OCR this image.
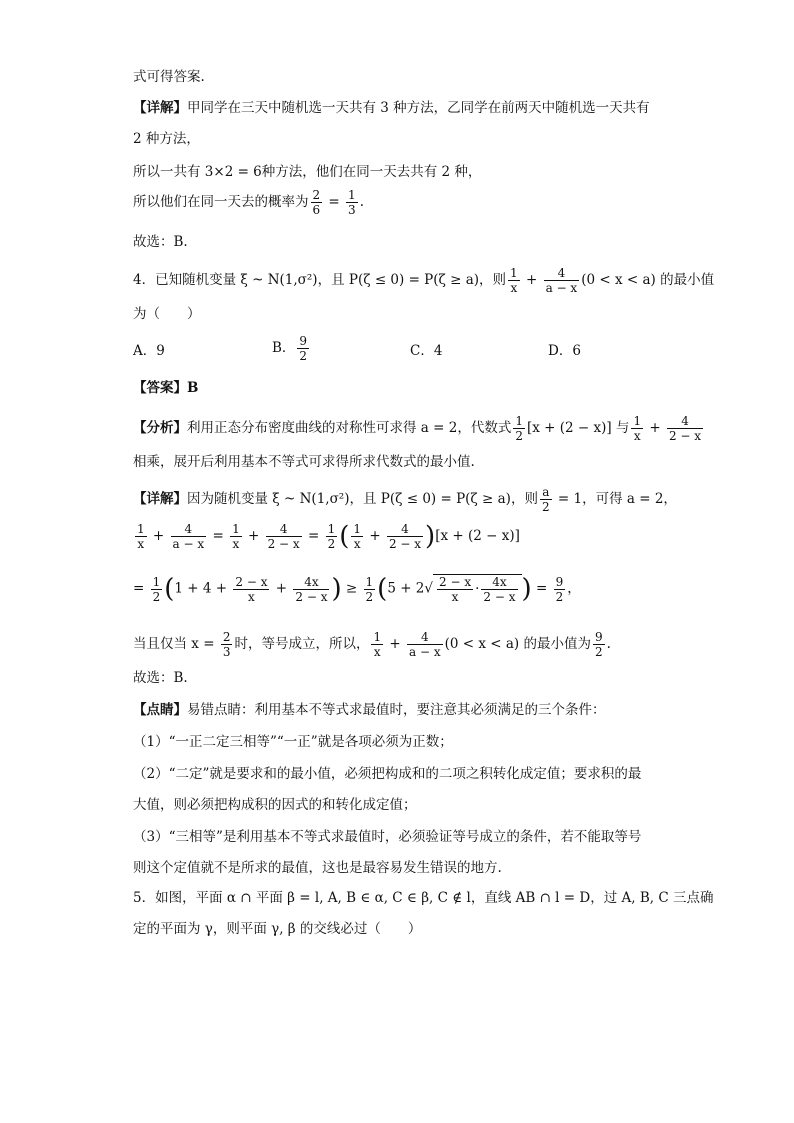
式可得答案.
【详解】甲同学在三天中随机选一天共有 3 种方法，乙同学在前两天中随机选一天共有
2 种方法，
所以一共有 3×2 = 6种方法，他们在同一天去共有 2 种，
所以他们在同一天去的概率为 $\frac{2}{6} = \frac{1}{3}$ .
故选：B.
4．已知随机变量 ξ ~ N(1,σ²)，且 P(ζ ≤ 0) = P(ζ ≥ a)，则 $\frac{1}{x} + \frac{4}{a - x} (0 < x < a)$ 的最小值
为（　　）
A．9	B． $\frac{9}{2}$	C．4	D．6
【答案】B
【分析】利用正态分布密度曲线的对称性可求得 a = 2，代数式 $\frac{1}{2} [x + (2 - x)]$ 与 $\frac{1}{x} + \frac{4}{2 - x}$
相乘，展开后利用基本不等式可求得所求代数式的最小值.
【详解】因为随机变量 ξ ~ N(1,σ²)，且 P(ζ ≤ 0) = P(ζ ≥ a)，则 $\frac{a}{2} = 1$，可得 a = 2，
$\frac{1}{x} + \frac{4}{a - x} = \frac{1}{x} + \frac{4}{2 - x} = \frac{1}{2}$ ( $\frac{1}{x} + \frac{4}{2 - x} )[x + (2 - x)]$
= $\frac{1}{2} (1 + 4 + \frac{2 - x}{x} + \frac{4x}{2 - x}$ ) ≥ $\frac{1}{2} (5 + 2√ \frac{2 - x}{x} \cdot \frac{4x}{2 - x}$ ) = $\frac{9}{2}$ ，
当且仅当 $x = \frac{2}{3}$ 时，等号成立，所以， $\frac{1}{x} + \frac{4}{a - x} (0 < x < a)$ 的最小值为 $\frac{9}{2}$ .
故选：B.
【点睛】易错点睛：利用基本不等式求最值时，要注意其必须满足的三个条件：
（1）“一正二定三相等”“一正”就是各项必须为正数；
（2）“二定”就是要求和的最小值，必须把构成和的二项之积转化成定值；要求积的最
大值，则必须把构成积的因式的和转化成定值；
（3）“三相等”是利用基本不等式求最值时，必须验证等号成立的条件，若不能取等号
则这个定值就不是所求的最值，这也是最容易发生错误的地方.
5．如图，平面 α ∩ 平面 β = l, A, B ∈ α, C ∈ β, C ∉ l，直线 AB ∩ l = D，过 A, B, C 三点确
定的平面为 γ，则平面 γ, β 的交线必过（　　）
